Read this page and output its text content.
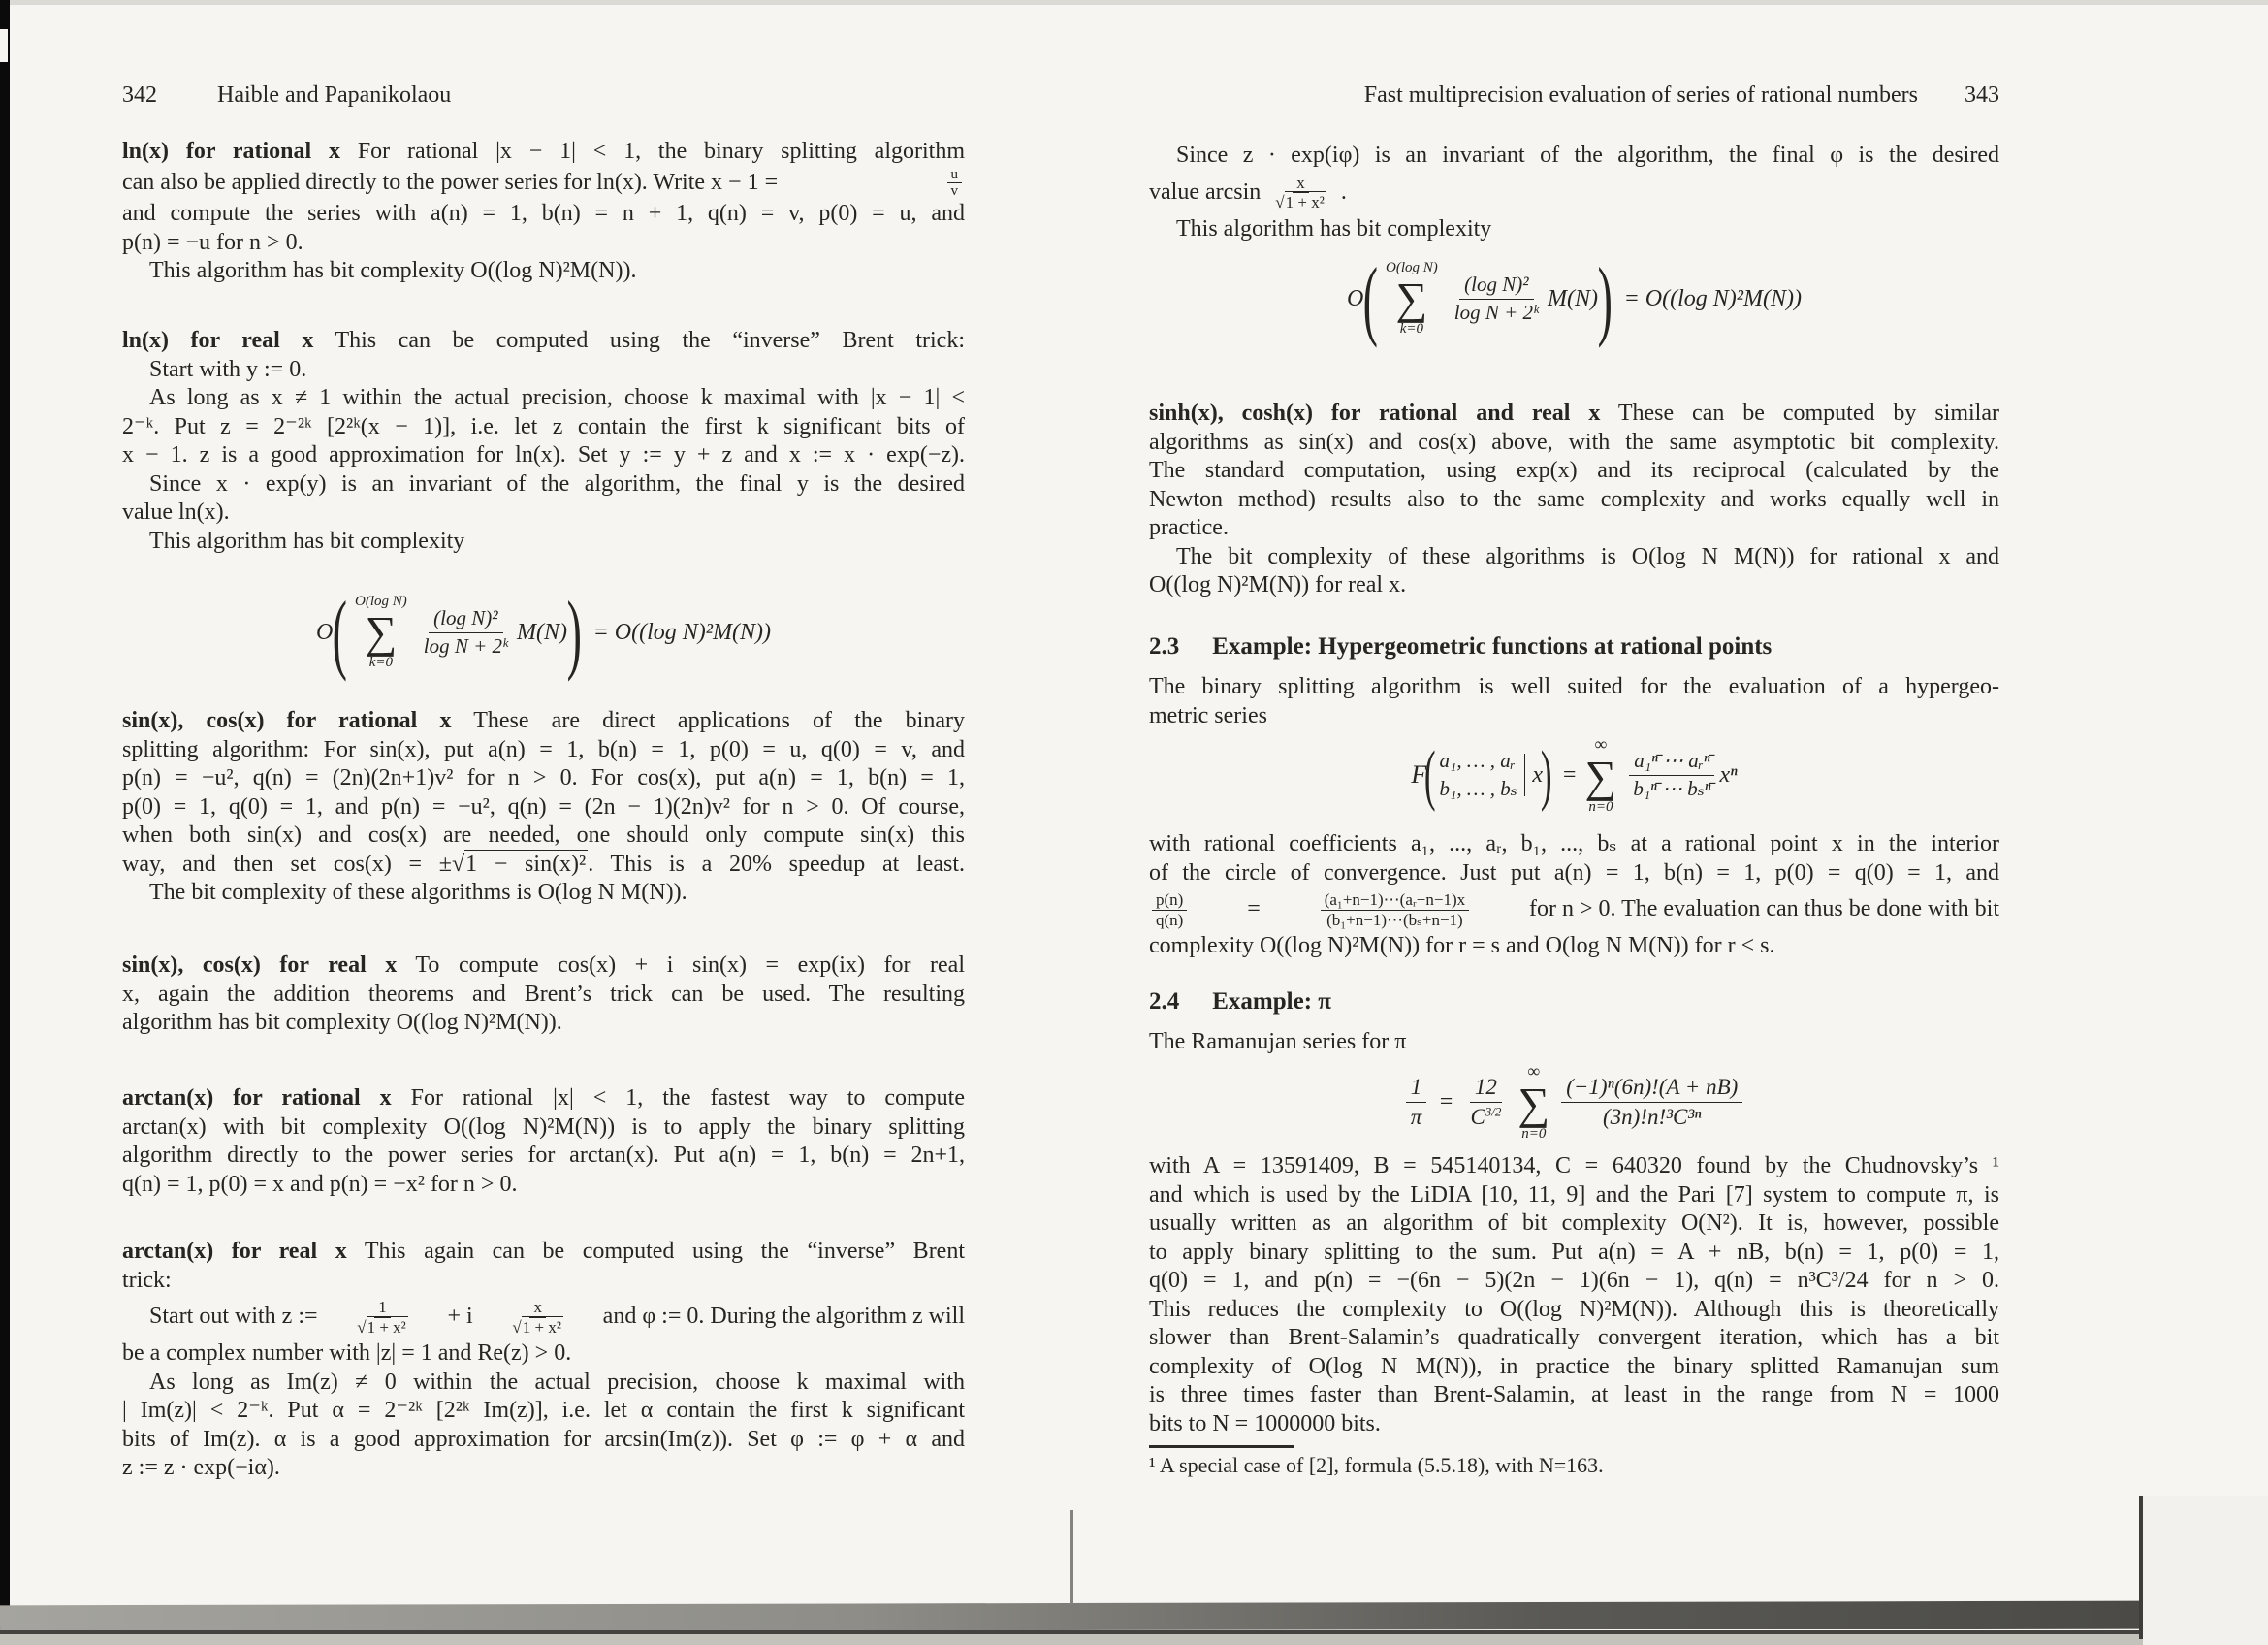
342	Haible and Papanikolaou
ln(x) for rational x For rational |x − 1| < 1, the binary splitting algorithm
can also be applied directly to the power series for ln(x). Write x − 1 =	$\frac{u}{v}$
and compute the series with a(n) = 1, b(n) = n + 1, q(n) = v, p(0) = u, and
p(n) = −u for n > 0.
This algorithm has bit complexity O((log N)²M(N)).
ln(x) for real x This can be computed using the “inverse” Brent trick:
Start with y := 0.
As long as x ≠ 1 within the actual precision, choose k maximal with |x − 1| <
2⁻ᵏ. Put z = 2⁻²ᵏ [2²ᵏ(x − 1)], i.e. let z contain the first k significant bits of
x − 1. z is a good approximation for ln(x). Set y := y + z and x := x · exp(−z).
Since x · exp(y) is an invariant of the algorithm, the final y is the desired
value ln(x).
This algorithm has bit complexity
O ( O(log N)
∑
k=0
$\frac{\text{(log N)²}}{\text{log N + 2ᵏ}} M(N)$ ) = O((log N)²M(N))
sin(x), cos(x) for rational x These are direct applications of the binary
splitting algorithm: For sin(x), put a(n) = 1, b(n) = 1, p(0) = u, q(0) = v, and
p(n) = −u², q(n) = (2n)(2n+1)v² for n > 0. For cos(x), put a(n) = 1, b(n) = 1,
p(0) = 1, q(0) = 1, and p(n) = −u², q(n) = (2n − 1)(2n)v² for n > 0. Of course,
when both sin(x) and cos(x) are needed, one should only compute sin(x) this
way, and then set cos(x) = ±√1 − sin(x)². This is a 20% speedup at least.
The bit complexity of these algorithms is O(log N M(N)).
sin(x), cos(x) for real x To compute cos(x) + i sin(x) = exp(ix) for real
x, again the addition theorems and Brent’s trick can be used. The resulting
algorithm has bit complexity O((log N)²M(N)).
arctan(x) for rational x For rational |x| < 1, the fastest way to compute
arctan(x) with bit complexity O((log N)²M(N)) is to apply the binary splitting
algorithm directly to the power series for arctan(x). Put a(n) = 1, b(n) = 2n+1,
q(n) = 1, p(0) = x and p(n) = −x² for n > 0.
arctan(x) for real x This again can be computed using the “inverse” Brent
trick:
Start out with z := $\frac{1}{\text{√1 + x²}} + i \frac{x}{\text{√1 + x²}}$ and φ := 0. During the algorithm z will
be a complex number with |z| = 1 and Re(z) > 0.
As long as Im(z) ≠ 0 within the actual precision, choose k maximal with
| Im(z)| < 2⁻ᵏ. Put α = 2⁻²ᵏ [2²ᵏ Im(z)], i.e. let α contain the first k significant
bits of Im(z). α is a good approximation for arcsin(Im(z)). Set φ := φ + α and
z := z · exp(−iα).
Fast multiprecision evaluation of series of rational numbers 343
Since z · exp(iφ) is an invariant of the algorithm, the final φ is the desired
value $\arcsin \frac{x}{\text{√1 + x²}}$ .
This algorithm has bit complexity
O ( O(log N)
∑
k=0
$\frac{\text{(log N)²}}{\text{log N + 2ᵏ}} M(N)$ ) = O((log N)²M(N))
sinh(x), cosh(x) for rational and real x These can be computed by similar
algorithms as sin(x) and cos(x) above, with the same asymptotic bit complexity.
The standard computation, using exp(x) and its reciprocal (calculated by the
Newton method) results also to the same complexity and works equally well in
practice.
The bit complexity of these algorithms is O(log N M(N)) for rational x and
O((log N)²M(N)) for real x.
2.3 Example: Hypergeometric functions at rational points
The binary splitting algorithm is well suited for the evaluation of a hypergeo-
metric series
F
( a₁, … , aᵣ
b₁, … , bₛ
x
) =
∞
∑
n=0
$\frac{\text{a₁ⁿ̄ ⋯ aᵣⁿ̄}}{\text{b₁ⁿ̄ ⋯ bₛⁿ̄}}$ xⁿ
with rational coefficients a₁, ..., aᵣ, b₁, ..., bₛ at a rational point x in the interior
of the circle of convergence. Just put a(n) = 1, b(n) = 1, p(0) = q(0) = 1, and
$\frac{p(n)}{q(n)}$	=	$\frac{\text{(a₁+n−1)⋯(aᵣ+n−1)x}}{\text{(b₁+n−1)⋯(bₛ+n−1)}}$	for n > 0. The evaluation can thus be done with bit
complexity O((log N)²M(N)) for r = s and O(log N M(N)) for r < s.
2.4 Example: π
The Ramanujan series for π
$\frac{1}{\pi} = \frac{12}{C^{3/2}}$
∞
∑
n=0
$\frac{\text{(−1)ⁿ(6n)!(A + nB)}}{\text{(3n)!n!³C³ⁿ}}$
with A = 13591409, B = 545140134, C = 640320 found by the Chudnovsky’s ¹
and which is used by the LiDIA [10, 11, 9] and the Pari [7] system to compute π, is
usually written as an algorithm of bit complexity O(N²). It is, however, possible
to apply binary splitting to the sum. Put a(n) = A + nB, b(n) = 1, p(0) = 1,
q(0) = 1, and p(n) = −(6n − 5)(2n − 1)(6n − 1), q(n) = n³C³/24 for n > 0.
This reduces the complexity to O((log N)²M(N)). Although this is theoretically
slower than Brent-Salamin’s quadratically convergent iteration, which has a bit
complexity of O(log N M(N)), in practice the binary splitted Ramanujan sum
is three times faster than Brent-Salamin, at least in the range from N = 1000
bits to N = 1000000 bits.
¹ A special case of [2], formula (5.5.18), with N=163.
